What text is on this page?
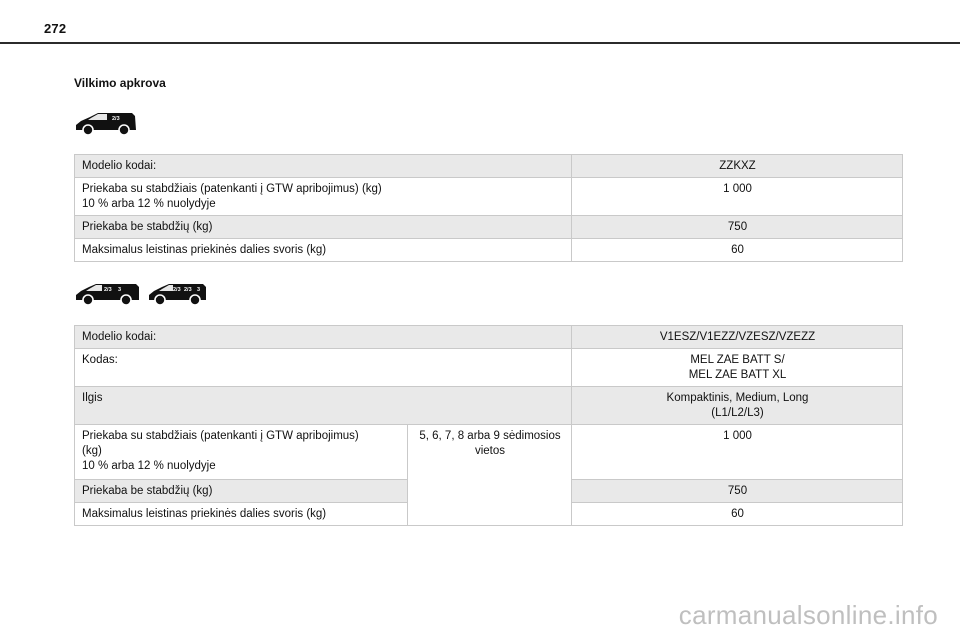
272
Vilkimo apkrova
2/3
Modelio kodai:	ZZKXZ
Priekaba su stabdžiais (patenkanti į GTW apribojimus) (kg)
10 % arba 12 % nuolydyje	1 000
Priekaba be stabdžių (kg)	750
Maksimalus leistinas priekinės dalies svoris (kg)	60
2/3 3	2/3 2/3 3
Modelio kodai:		V1ESZ/V1EZZ/VZESZ/VZEZZ
Kodas:		MEL ZAE BATT S/
MEL ZAE BATT XL
Ilgis		Kompaktinis, Medium, Long
(L1/L2/L3)
Priekaba su stabdžiais (patenkanti į GTW apribojimus)
(kg)
10 % arba 12 % nuolydyje	5, 6, 7, 8 arba 9 sėdimosios
vietos	1 000
Priekaba be stabdžių (kg)		750
Maksimalus leistinas priekinės dalies svoris (kg)		60
carmanualsonline.info
